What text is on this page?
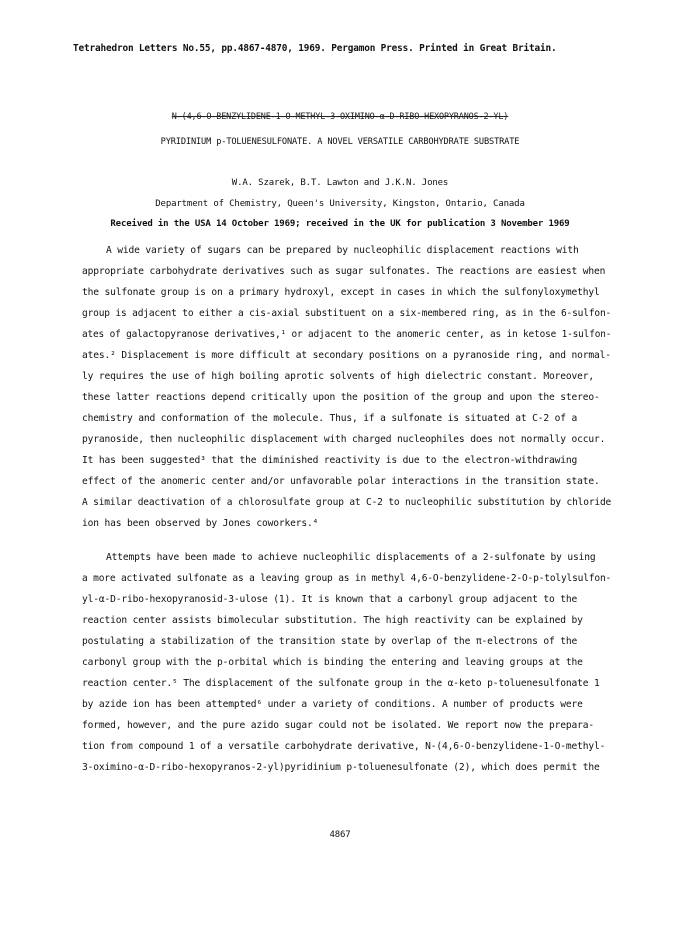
Tetrahedron Letters No.55, pp.4867-4870, 1969. Pergamon Press. Printed in Great Britain.
N-(4,6-O-BENZYLIDENE-1-O-METHYL-3-OXIMINO-α-D-RIBO-HEXOPYRANOS-2-YL)
PYRIDINIUM p-TOLUENESULFONATE. A NOVEL VERSATILE CARBOHYDRATE SUBSTRATE
W.A. Szarek, B.T. Lawton and J.K.N. Jones
Department of Chemistry, Queen's University, Kingston, Ontario, Canada
Received in the USA 14 October 1969; received in the UK for publication 3 November 1969
A wide variety of sugars can be prepared by nucleophilic displacement reactions with
appropriate carbohydrate derivatives such as sugar sulfonates. The reactions are easiest when
the sulfonate group is on a primary hydroxyl, except in cases in which the sulfonyloxymethyl
group is adjacent to either a cis-axial substituent on a six-membered ring, as in the 6-sulfon-
ates of galactopyranose derivatives,¹ or adjacent to the anomeric center, as in ketose 1-sulfon-
ates.² Displacement is more difficult at secondary positions on a pyranoside ring, and normal-
ly requires the use of high boiling aprotic solvents of high dielectric constant. Moreover,
these latter reactions depend critically upon the position of the group and upon the stereo-
chemistry and conformation of the molecule. Thus, if a sulfonate is situated at C-2 of a
pyranoside, then nucleophilic displacement with charged nucleophiles does not normally occur.
It has been suggested³ that the diminished reactivity is due to the electron-withdrawing
effect of the anomeric center and/or unfavorable polar interactions in the transition state.
A similar deactivation of a chlorosulfate group at C-2 to nucleophilic substitution by chloride
ion has been observed by Jones coworkers.⁴
Attempts have been made to achieve nucleophilic displacements of a 2-sulfonate by using
a more activated sulfonate as a leaving group as in methyl 4,6-O-benzylidene-2-O-p-tolylsulfon-
yl-α-D-ribo-hexopyranosid-3-ulose (1). It is known that a carbonyl group adjacent to the
reaction center assists bimolecular substitution. The high reactivity can be explained by
postulating a stabilization of the transition state by overlap of the π-electrons of the
carbonyl group with the p-orbital which is binding the entering and leaving groups at the
reaction center.⁵ The displacement of the sulfonate group in the α-keto p-toluenesulfonate 1
by azide ion has been attempted⁶ under a variety of conditions. A number of products were
formed, however, and the pure azido sugar could not be isolated. We report now the prepara-
tion from compound 1 of a versatile carbohydrate derivative, N-(4,6-O-benzylidene-1-O-methyl-
3-oximino-α-D-ribo-hexopyranos-2-yl)pyridinium p-toluenesulfonate (2), which does permit the
4867
